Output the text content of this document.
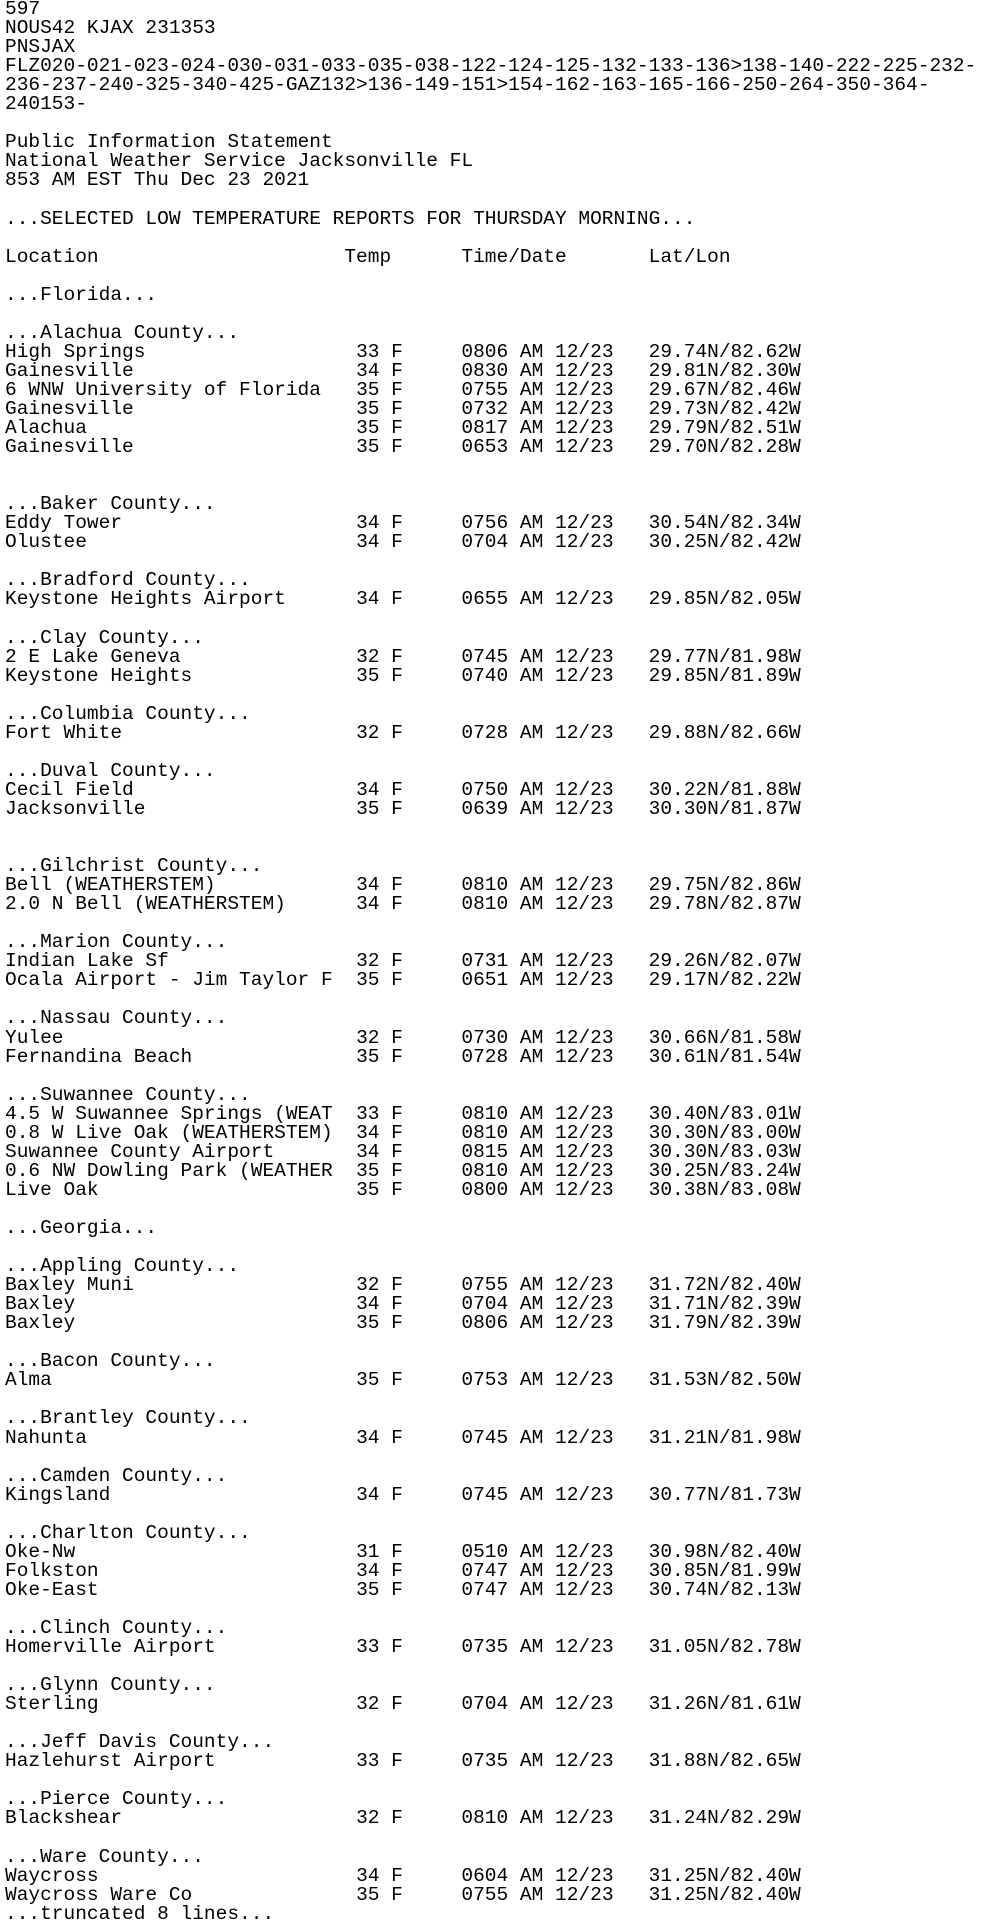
597
NOUS42 KJAX 231353
PNSJAX
FLZ020-021-023-024-030-031-033-035-038-122-124-125-132-133-136>138-140-222-225-232-
236-237-240-325-340-425-GAZ132>136-149-151>154-162-163-165-166-250-264-350-364-
240153-

Public Information Statement
National Weather Service Jacksonville FL
853 AM EST Thu Dec 23 2021

...SELECTED LOW TEMPERATURE REPORTS FOR THURSDAY MORNING...

Location                     Temp      Time/Date       Lat/Lon

...Florida...

...Alachua County...
High Springs                  33 F     0806 AM 12/23   29.74N/82.62W
Gainesville                   34 F     0830 AM 12/23   29.81N/82.30W
6 WNW University of Florida   35 F     0755 AM 12/23   29.67N/82.46W
Gainesville                   35 F     0732 AM 12/23   29.73N/82.42W
Alachua                       35 F     0817 AM 12/23   29.79N/82.51W
Gainesville                   35 F     0653 AM 12/23   29.70N/82.28W

...Baker County...
Eddy Tower                    34 F     0756 AM 12/23   30.54N/82.34W
Olustee                       34 F     0704 AM 12/23   30.25N/82.42W

...Bradford County...
Keystone Heights Airport      34 F     0655 AM 12/23   29.85N/82.05W

...Clay County...
2 E Lake Geneva               32 F     0745 AM 12/23   29.77N/81.98W
Keystone Heights              35 F     0740 AM 12/23   29.85N/81.89W

...Columbia County...
Fort White                    32 F     0728 AM 12/23   29.88N/82.66W

...Duval County...
Cecil Field                   34 F     0750 AM 12/23   30.22N/81.88W
Jacksonville                  35 F     0639 AM 12/23   30.30N/81.87W

...Gilchrist County...
Bell (WEATHERSTEM)            34 F     0810 AM 12/23   29.75N/82.86W
2.0 N Bell (WEATHERSTEM)      34 F     0810 AM 12/23   29.78N/82.87W

...Marion County...
Indian Lake Sf                32 F     0731 AM 12/23   29.26N/82.07W
Ocala Airport - Jim Taylor F  35 F     0651 AM 12/23   29.17N/82.22W

...Nassau County...
Yulee                         32 F     0730 AM 12/23   30.66N/81.58W
Fernandina Beach              35 F     0728 AM 12/23   30.61N/81.54W

...Suwannee County...
4.5 W Suwannee Springs (WEAT  33 F     0810 AM 12/23   30.40N/83.01W
0.8 W Live Oak (WEATHERSTEM)  34 F     0810 AM 12/23   30.30N/83.00W
Suwannee County Airport       34 F     0815 AM 12/23   30.30N/83.03W
0.6 NW Dowling Park (WEATHER  35 F     0810 AM 12/23   30.25N/83.24W
Live Oak                      35 F     0800 AM 12/23   30.38N/83.08W

...Georgia...

...Appling County...
Baxley Muni                   32 F     0755 AM 12/23   31.72N/82.40W
Baxley                        34 F     0704 AM 12/23   31.71N/82.39W
Baxley                        35 F     0806 AM 12/23   31.79N/82.39W

...Bacon County...
Alma                          35 F     0753 AM 12/23   31.53N/82.50W

...Brantley County...
Nahunta                       34 F     0745 AM 12/23   31.21N/81.98W

...Camden County...
Kingsland                     34 F     0745 AM 12/23   30.77N/81.73W

...Charlton County...
Oke-Nw                        31 F     0510 AM 12/23   30.98N/82.40W
Folkston                      34 F     0747 AM 12/23   30.85N/81.99W
Oke-East                      35 F     0747 AM 12/23   30.74N/82.13W

...Clinch County...
Homerville Airport            33 F     0735 AM 12/23   31.05N/82.78W

...Glynn County...
Sterling                      32 F     0704 AM 12/23   31.26N/81.61W

...Jeff Davis County...
Hazlehurst Airport            33 F     0735 AM 12/23   31.88N/82.65W

...Pierce County...
Blackshear                    32 F     0810 AM 12/23   31.24N/82.29W

...Ware County...
Waycross                      34 F     0604 AM 12/23   31.25N/82.40W
Waycross Ware Co              35 F     0755 AM 12/23   31.25N/82.40W
...truncated 8 lines...
